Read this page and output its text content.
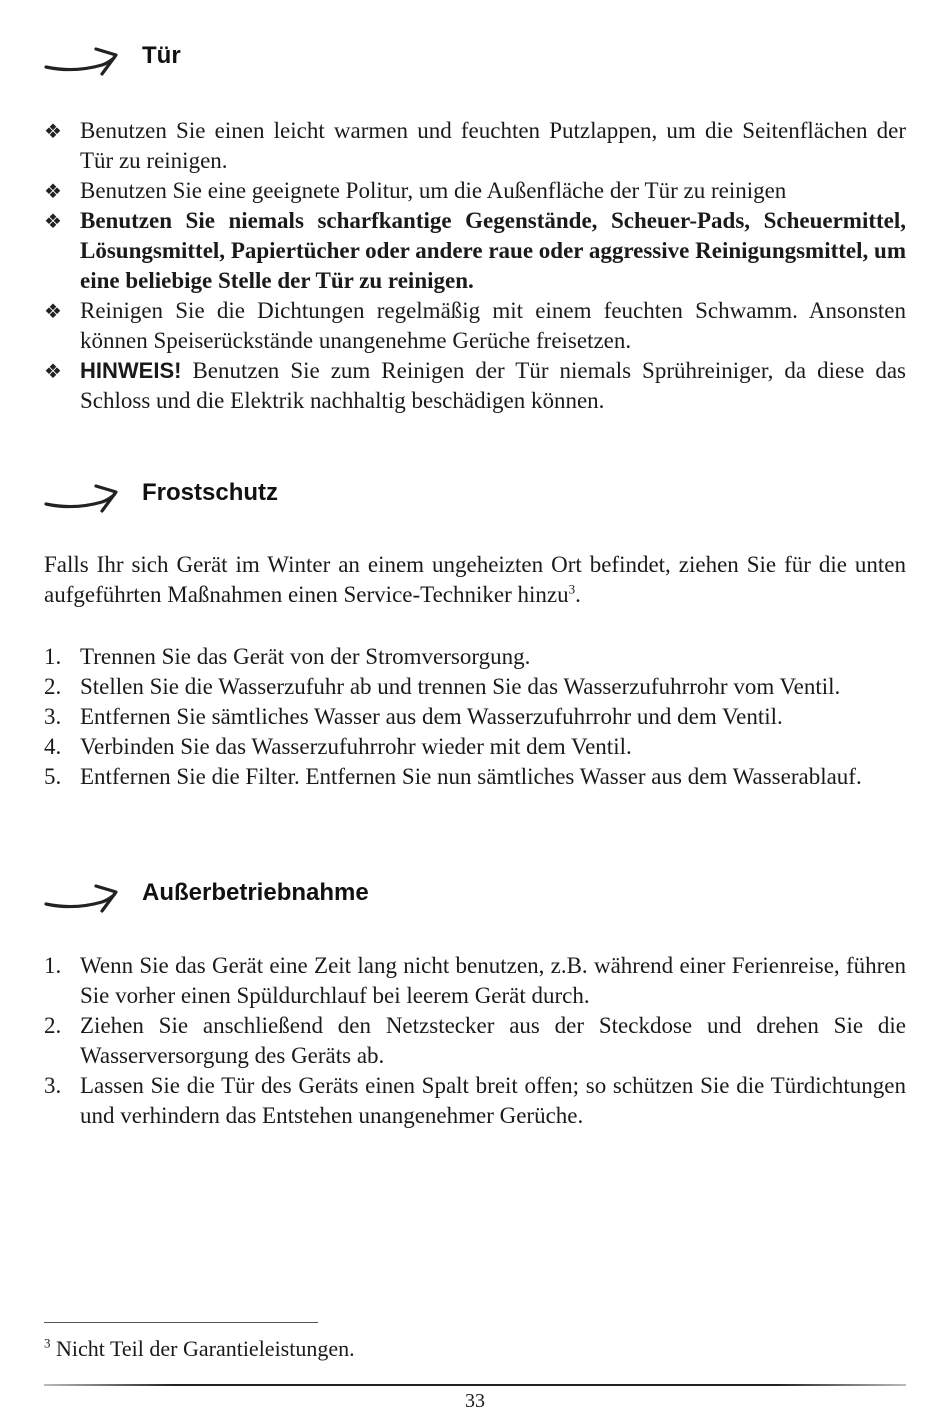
Tür
❖ Benutzen Sie einen leicht warmen und feuchten Putzlappen, um die Seitenflächen der Tür zu reinigen.
❖ Benutzen Sie eine geeignete Politur, um die Außenfläche der Tür zu reinigen
❖ Benutzen Sie niemals scharfkantige Gegenstände, Scheuer-Pads, Scheuermittel, Lösungsmittel, Papiertücher oder andere raue oder aggressive Reinigungsmittel, um eine beliebige Stelle der Tür zu reinigen.
❖ Reinigen Sie die Dichtungen regelmäßig mit einem feuchten Schwamm. Ansonsten können Speiserückstände unangenehme Gerüche freisetzen.
❖ HINWEIS! Benutzen Sie zum Reinigen der Tür niemals Sprühreiniger, da diese das Schloss und die Elektrik nachhaltig beschädigen können.
Frostschutz

Falls Ihr sich Gerät im Winter an einem ungeheizten Ort befindet, ziehen Sie für die unten aufgeführten Maßnahmen einen Service-Techniker hinzu$^3$.

1. Trennen Sie das Gerät von der Stromversorgung.
2. Stellen Sie die Wasserzufuhr ab und trennen Sie das Wasserzufuhrrohr vom Ventil.
3. Entfernen Sie sämtliches Wasser aus dem Wasserzufuhrrohr und dem Ventil.
4. Verbinden Sie das Wasserzufuhrrohr wieder mit dem Ventil.
5. Entfernen Sie die Filter. Entfernen Sie nun sämtliches Wasser aus dem Wasserablauf.
Außerbetriebnahme
1. Wenn Sie das Gerät eine Zeit lang nicht benutzen, z.B. während einer Ferienreise, führen Sie vorher einen Spüldurchlauf bei leerem Gerät durch.
2. Ziehen Sie anschließend den Netzstecker aus der Steckdose und drehen Sie die Wasserversorgung des Geräts ab.
3. Lassen Sie die Tür des Geräts einen Spalt breit offen; so schützen Sie die Türdichtungen und verhindern das Entstehen unangenehmer Gerüche.
$^3$ Nicht Teil der Garantieleistungen.
33
